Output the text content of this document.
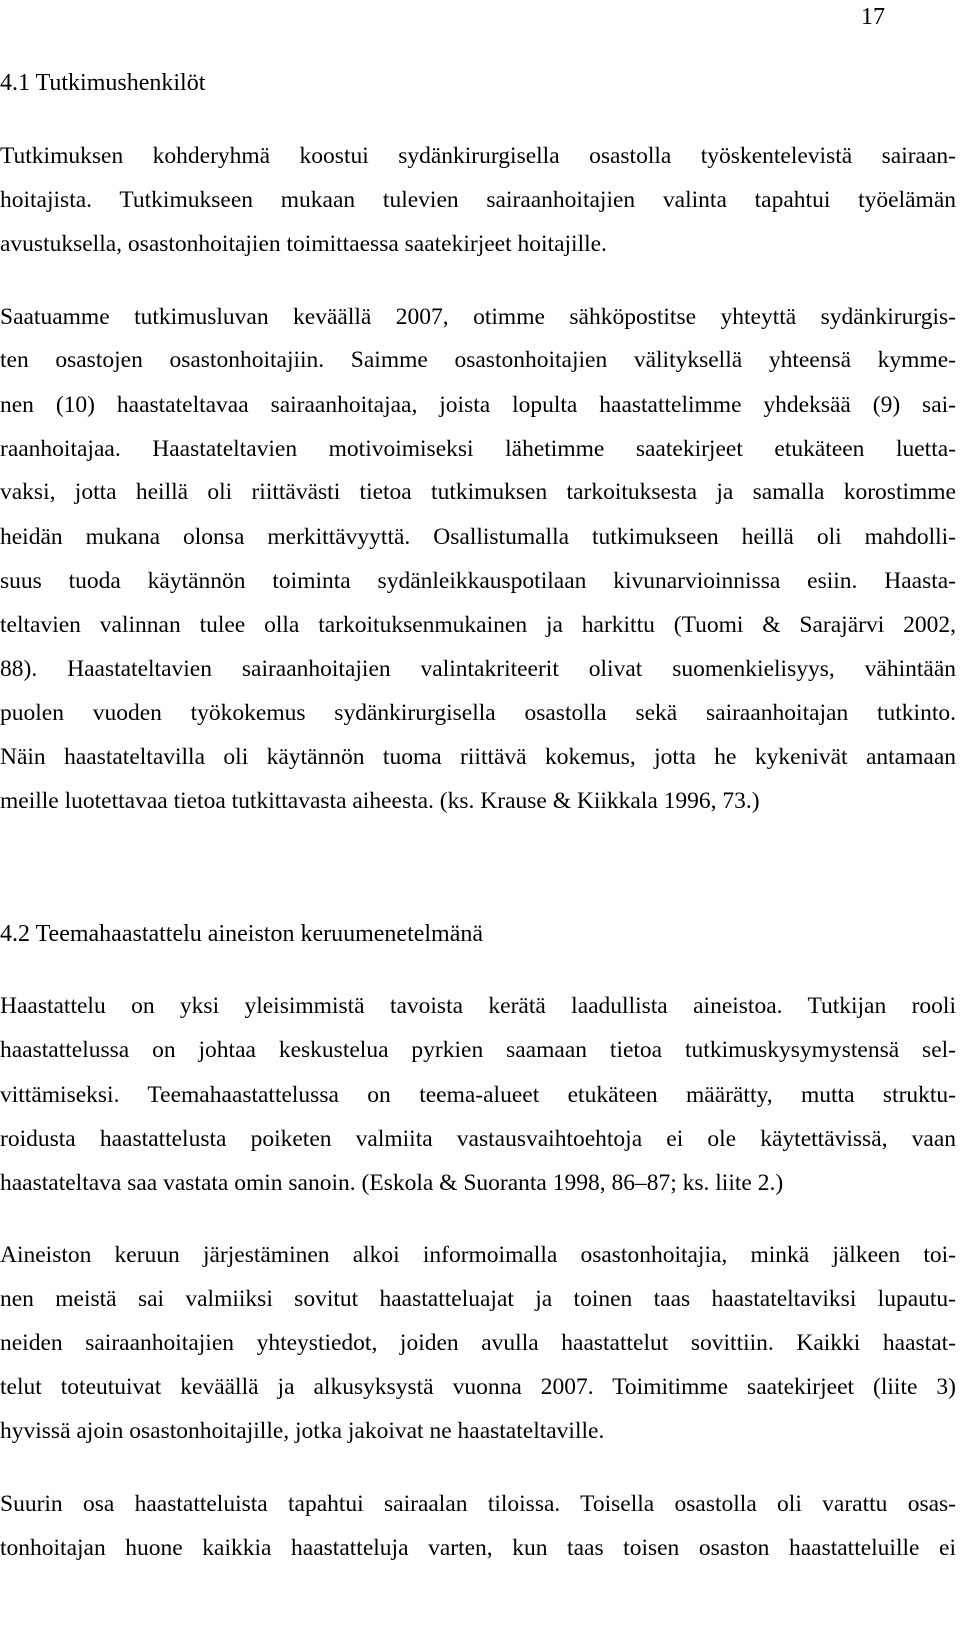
17
4.1 Tutkimushenkilöt
Tutkimuksen kohderyhmä koostui sydänkirurgisella osastolla työskentelevistä sairaan-
hoitajista. Tutkimukseen mukaan tulevien sairaanhoitajien valinta tapahtui työelämän
avustuksella, osastonhoitajien toimittaessa saatekirjeet hoitajille.
Saatuamme tutkimusluvan keväällä 2007, otimme sähköpostitse yhteyttä sydänkirurgis-
ten osastojen osastonhoitajiin. Saimme osastonhoitajien välityksellä yhteensä kymme-
nen (10) haastateltavaa sairaanhoitajaa, joista lopulta haastattelimme yhdeksää (9) sai-
raanhoitajaa. Haastateltavien motivoimiseksi lähetimme saatekirjeet etukäteen luetta-
vaksi, jotta heillä oli riittävästi tietoa tutkimuksen tarkoituksesta ja samalla korostimme
heidän mukana olonsa merkittävyyttä. Osallistumalla tutkimukseen heillä oli mahdolli-
suus tuoda käytännön toiminta sydänleikkauspotilaan kivunarvioinnissa esiin. Haasta-
teltavien valinnan tulee olla tarkoituksenmukainen ja harkittu (Tuomi & Sarajärvi 2002,
88). Haastateltavien sairaanhoitajien valintakriteerit olivat suomenkielisyys, vähintään
puolen vuoden työkokemus sydänkirurgisella osastolla sekä sairaanhoitajan tutkinto.
Näin haastateltavilla oli käytännön tuoma riittävä kokemus, jotta he kykenivät antamaan
meille luotettavaa tietoa tutkittavasta aiheesta. (ks. Krause & Kiikkala 1996, 73.)
4.2 Teemahaastattelu aineiston keruumenetelmänä
Haastattelu on yksi yleisimmistä tavoista kerätä laadullista aineistoa. Tutkijan rooli
haastattelussa on johtaa keskustelua pyrkien saamaan tietoa tutkimuskysymystensä sel-
vittämiseksi. Teemahaastattelussa on teema-alueet etukäteen määrätty, mutta struktu-
roidusta haastattelusta poiketen valmiita vastausvaihtoehtoja ei ole käytettävissä, vaan
haastateltava saa vastata omin sanoin. (Eskola & Suoranta 1998, 86–87; ks. liite 2.)
Aineiston keruun järjestäminen alkoi informoimalla osastonhoitajia, minkä jälkeen toi-
nen meistä sai valmiiksi sovitut haastatteluajat ja toinen taas haastateltaviksi lupautu-
neiden sairaanhoitajien yhteystiedot, joiden avulla haastattelut sovittiin. Kaikki haastat-
telut toteutuivat keväällä ja alkusyksystä vuonna 2007. Toimitimme saatekirjeet (liite 3)
hyvissä ajoin osastonhoitajille, jotka jakoivat ne haastateltaville.
Suurin osa haastatteluista tapahtui sairaalan tiloissa. Toisella osastolla oli varattu osas-
tonhoitajan huone kaikkia haastatteluja varten, kun taas toisen osaston haastatteluille ei
